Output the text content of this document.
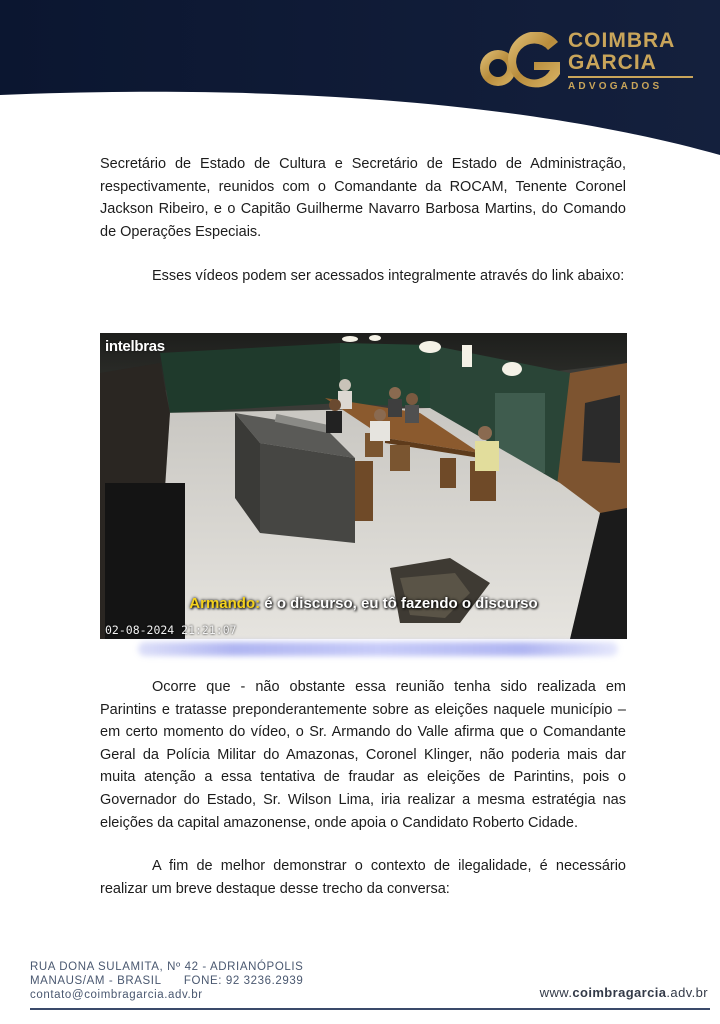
COIMBRA
GARCIA
ADVOGADOS

Secretário de Estado de Cultura e Secretário de Estado de Administração, respectivamente, reunidos com o Comandante da ROCAM, Tenente Coronel Jackson Ribeiro, e o Capitão Guilherme Navarro Barbosa Martins, do Comando de Operações Especiais.

Esses vídeos podem ser acessados integralmente através do link abaixo:

intelbras
Armando: é o discurso, eu tô fazendo o discurso
02-08-2024 21:21:07

Ocorre que - não obstante essa reunião tenha sido realizada em Parintins e tratasse preponderantemente sobre as eleições naquele município – em certo momento do vídeo, o Sr. Armando do Valle afirma que o Comandante Geral da Polícia Militar do Amazonas, Coronel Klinger, não poderia mais dar muita atenção a essa tentativa de fraudar as eleições de Parintins, pois o Governador do Estado, Sr. Wilson Lima, iria realizar a mesma estratégia nas eleições da capital amazonense, onde apoia o Candidato Roberto Cidade.

A fim de melhor demonstrar o contexto de ilegalidade, é necessário realizar um breve destaque desse trecho da conversa:

RUA DONA SULAMITA, Nº 42 - ADRIANÓPOLIS
MANAUS/AM - BRASIL      FONE: 92 3236.2939
contato@coimbragarcia.adv.br	www.coimbragarcia.adv.br
